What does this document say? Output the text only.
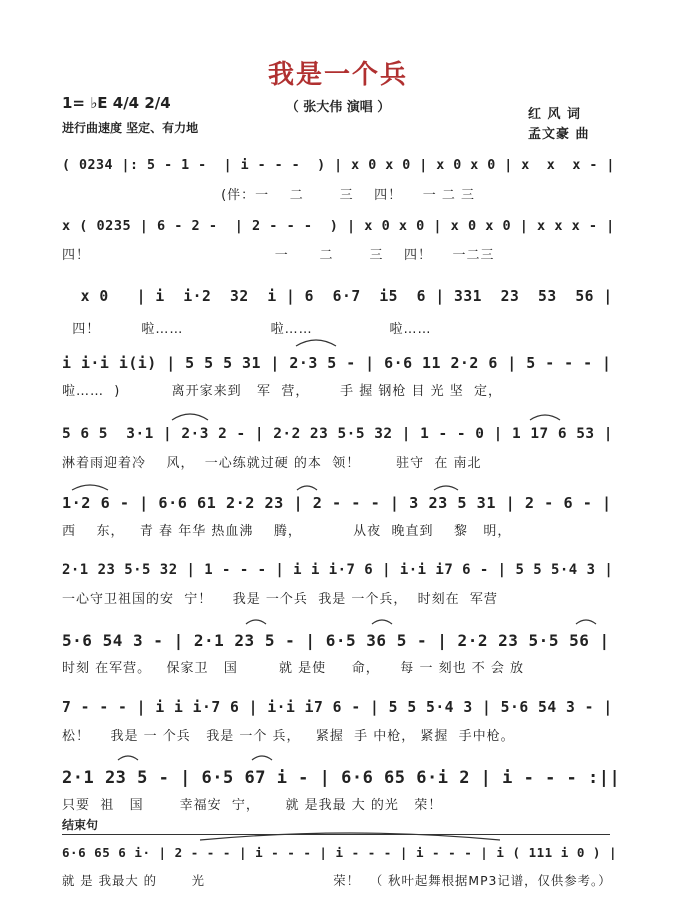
我是一个兵
（ 张大伟 演唱 ）
1= ♭E 4/4 2/4
进行曲速度 坚定、有力地
红 风 词
孟文豪 曲
( 0234 |: 5 - 1 -  | i - - -  ) | x 0 x 0 | x 0 x 0 | x  x  x - |
(伴：一    二       三    四！    一 二 三
x ( 0235 | 6 - 2 -  | 2 - - -  ) | x 0 x 0 | x 0 x 0 | x x x - |
四！                                    一      二       三    四！    一二三
x 0   | i  i·2  32  i | 6  6·7  i5  6 | 331  23  53  56 |
四！        啦……                 啦……               啦……
i i·i i(i) | 5 5 5 31 | 2·3 5 - | 6·6 11 2·2 6 | 5 - - - |
啦……  )          离开家来到   军  营，      手 握 钢枪 目 光 坚  定，
5 6 5  3·1 | 2·3 2 - | 2·2 23 5·5 32 | 1 - - 0 | 1 17 6 53 |
淋着雨迎着冷    风，  一心练就过硬 的本  领！       驻守  在 南北
1·2 6 - | 6·6 61 2·2 23 | 2 - - - | 3 23 5 31 | 2 - 6 - |
西    东，   青 春 年华 热血沸    腾，          从夜  晚直到    黎   明，
2·1 23 5·5 32 | 1 - - - | i i i·7 6 | i·i i7 6 - | 5 5 5·4 3 |
一心守卫祖国的安  宁！    我是 一个兵  我是 一个兵，  时刻在  军营
5·6 54 3 - | 2·1 23 5 - | 6·5 36 5 - | 2·2 23 5·5 56 |
时刻 在军营。   保家卫   国        就 是使     命，    每 一 刻也 不 会 放
7 - - - | i i i·7 6 | i·i i7 6 - | 5 5 5·4 3 | 5·6 54 3 - |
松！    我是 一 个兵   我是 一个 兵，   紧握  手 中枪， 紧握  手中枪。
2·1 23 5 - | 6·5 67 i - | 6·6 65 6·i 2 | i - - - :||
只要  祖   国       幸福安  宁，     就 是我最 大 的光   荣！
6·6 65 6 i· | 2 - - - | i - - - | i - - - | i - - - | i ( 111 i 0 ) |
就 是 我最大 的       光                          荣！  （ 秋叶起舞根据MP3记谱，仅供参考。）
结束句
